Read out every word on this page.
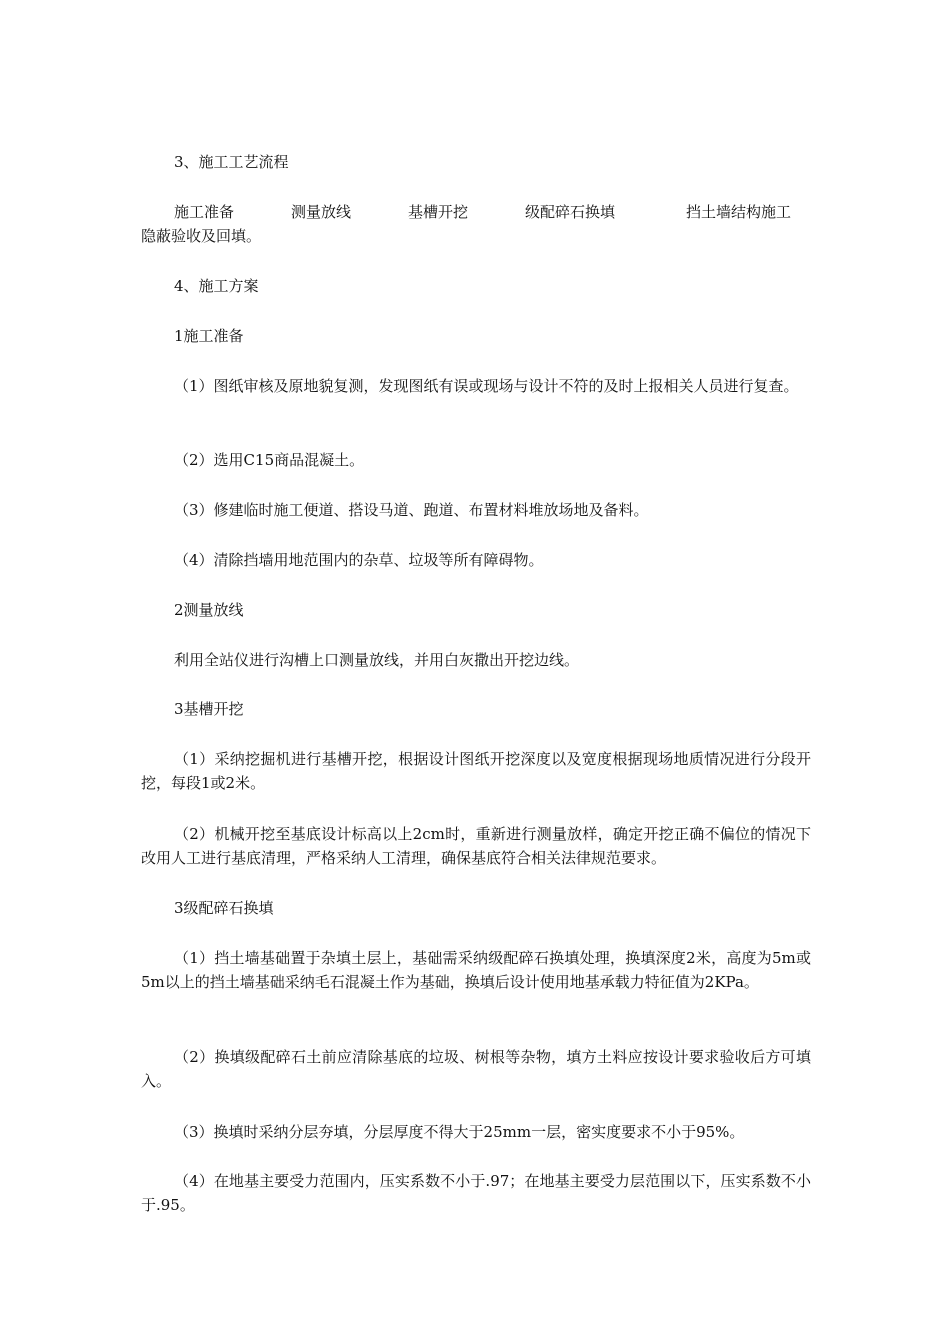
3、施工工艺流程
施工准备	测量放线	基槽开挖	级配碎石换填	挡土墙结构施工
隐蔽验收及回填。
4、施工方案
1施工准备
（1）图纸审核及原地貌复测，发现图纸有误或现场与设计不符的及时上报相关人员进行复查。
（2）选用C15商品混凝土。
（3）修建临时施工便道、搭设马道、跑道、布置材料堆放场地及备料。
（4）清除挡墙用地范围内的杂草、垃圾等所有障碍物。
2测量放线
利用全站仪进行沟槽上口测量放线，并用白灰撒出开挖边线。
3基槽开挖
（1）采纳挖掘机进行基槽开挖，根据设计图纸开挖深度以及宽度根据现场地质情况进行分段开挖，每段1或2米。
（2）机械开挖至基底设计标高以上2cm时，重新进行测量放样，确定开挖正确不偏位的情况下改用人工进行基底清理，严格采纳人工清理，确保基底符合相关法律规范要求。
3级配碎石换填
（1）挡土墙基础置于杂填土层上，基础需采纳级配碎石换填处理，换填深度2米，高度为5m或5m以上的挡土墙基础采纳毛石混凝土作为基础，换填后设计使用地基承载力特征值为2KPa。
（2）换填级配碎石土前应清除基底的垃圾、树根等杂物，填方土料应按设计要求验收后方可填入。
（3）换填时采纳分层夯填，分层厚度不得大于25mm一层，密实度要求不小于95%。
（4）在地基主要受力范围内，压实系数不小于.97；在地基主要受力层范围以下，压实系数不小于.95。
